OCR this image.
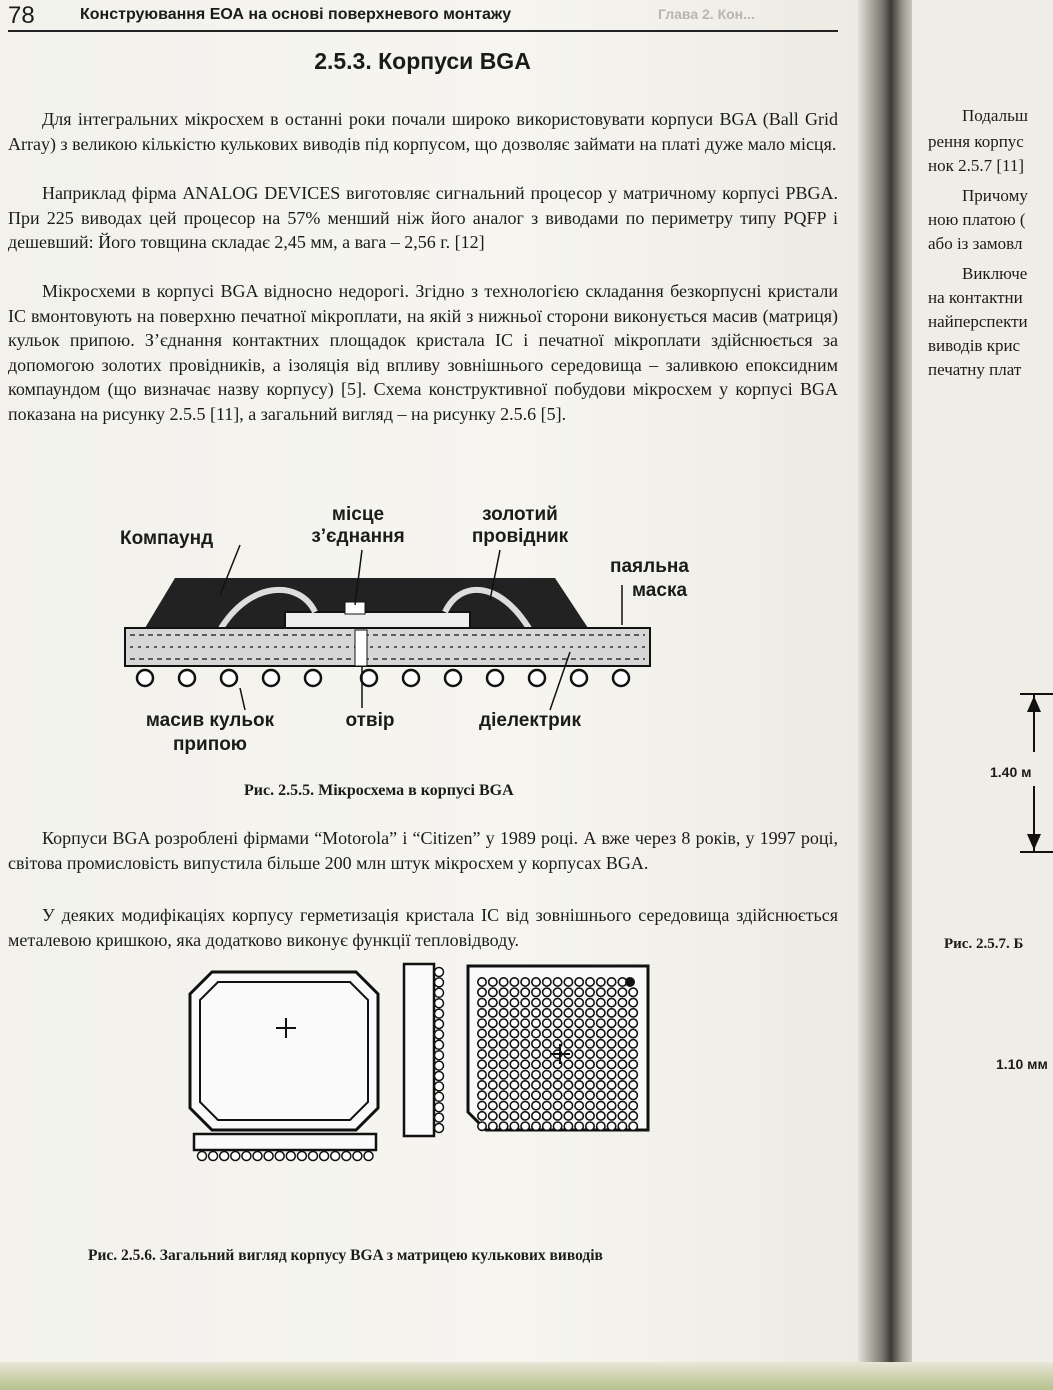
78	Конструювання ЕОА на основі поверхневого монтажу	Глава 2. Кон...
2.5.3. Корпуси BGA

Для інтегральних мікросхем в останні роки почали широко використовувати корпуси BGA (Ball Grid Array) з великою кількістю кулькових виводів під корпусом, що дозволяє займати на платі дуже мало місця.

Наприклад фірма ANALOG DEVICES виготовляє сигнальний процесор у матричному корпусі PBGA. При 225 виводах цей процесор на 57% менший ніж його аналог з виводами по периметру типу PQFP і дешевший: Його товщина складає 2,45 мм, а вага – 2,56 г. [12]

Мікросхеми в корпусі BGA відносно недорогі. Згідно з технологією складання безкорпусні кристали IC вмонтовують на поверхню печатної мікроплати, на якій з нижньої сторони виконується масив (матриця) кульок припою. З’єднання контактних площадок кристала IC і печатної мікроплати здійснюється за допомогою золотих провідників, а ізоляція від впливу зовнішнього середовища – заливкою епоксидним компаундом (що визначає назву корпусу) [5]. Схема конструктивної побудови мікросхем у корпусі BGA показана на рисунку 2.5.5 [11], а загальний вигляд – на рисунку 2.5.6 [5].

Компаунд
місце
з’єднання
золотий
провідник
паяльна
маска
масив кульок
припою
отвір	діелектрик
Рис. 2.5.5. Мікросхема в корпусі BGA

Корпуси BGA розроблені фірмами “Motorola” і “Citizen” у 1989 році. А вже через 8 років, у 1997 році, світова промисловість випустила більше 200 млн штук мікросхем у корпусах BGA.

У деяких модифікаціях корпусу герметизація кристала IC від зовнішнього середовища здійснюється металевою кришкою, яка додатково виконує функції тепловідводу.

Рис. 2.5.6. Загальний вигляд корпусу BGA з матрицею кулькових виводів
Подальш
рення корпус
нок 2.5.7 [11]
Причому
ною платою (
або із замовл
Виключе
на контактни
найперспекти
виводів крис
печатну плат
1.40 м
Рис. 2.5.7. Б
1.10 мм
